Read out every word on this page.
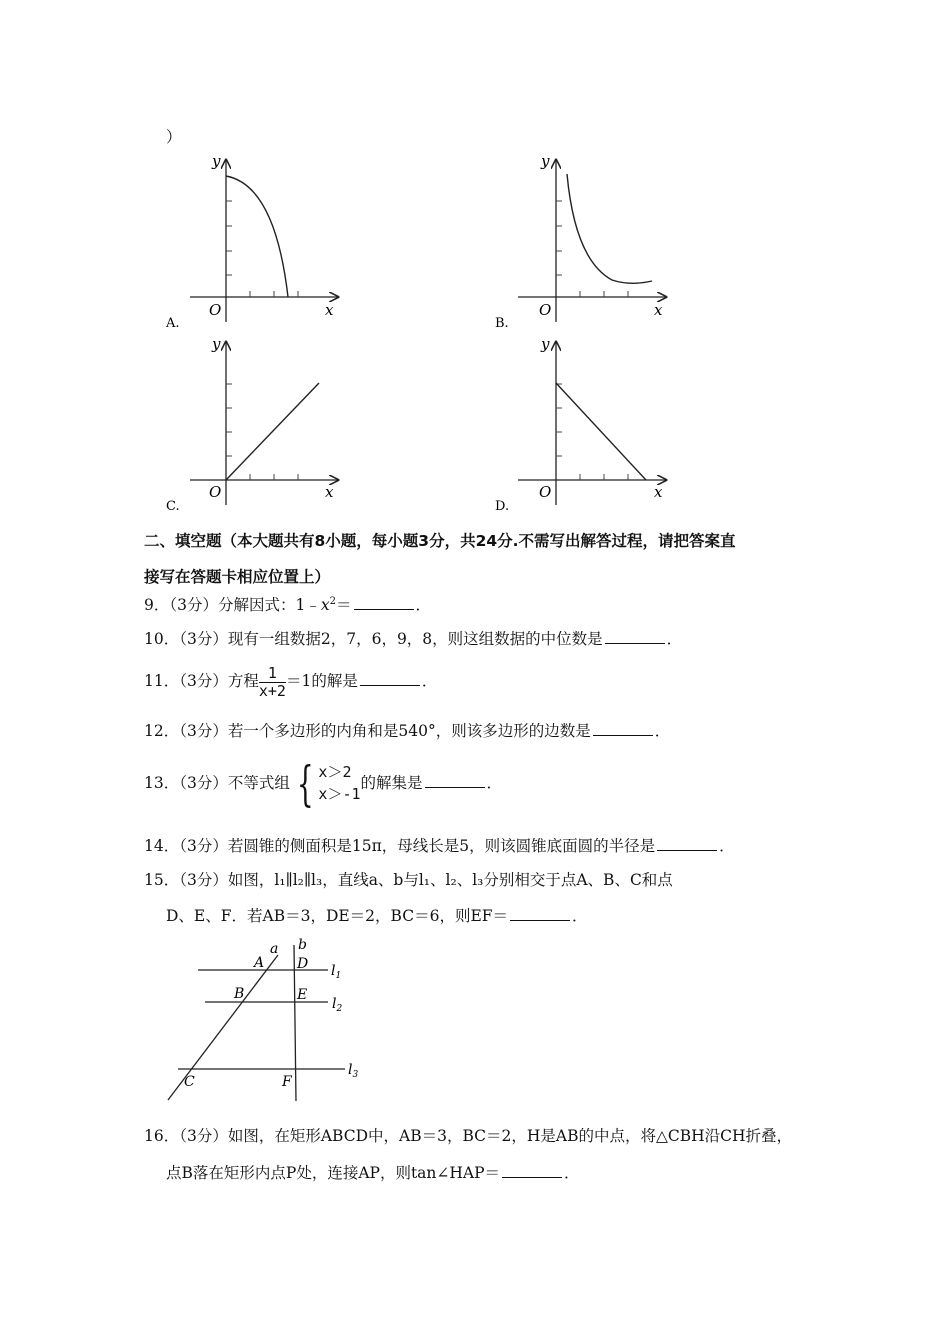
）
y
O	x
A.
y
O	x
B.
y
O	x
C.
y
O	x
D.
二、填空题（本大题共有8小题，每小题3分，共24分.不需写出解答过程，请把答案直
接写在答题卡相应位置上）
9．（3分）分解因式：$1﹣x^2=$	．
10．（3分）现有一组数据2，7，6，9，8，则这组数据的中位数是	．
11．（3分）方程 $\frac{1}{x+2} =1$的解是	．
12．（3分）若一个多边形的内角和是540°，则该多边形的边数是	．
13．（3分）不等式组 { x＞2
x＞-1
的解集是	．
14．（3分）若圆锥的侧面积是15π，母线长是5，则该圆锥底面圆的半径是	．
15．（3分）如图，l₁∥l₂∥l₃，直线a、b与l₁、l₂、l₃分别相交于点A、B、C和点
D、E、F．若AB＝3，DE＝2，BC＝6，则EF＝	．
a b
A D
B	E
C	F
$l_1$
$l_2$
$l_3$
16．（3分）如图，在矩形ABCD中，AB＝3，BC＝2，H是AB的中点，将△CBH沿CH折叠，
点B落在矩形内点P处，连接AP，则tan∠HAP＝	．
